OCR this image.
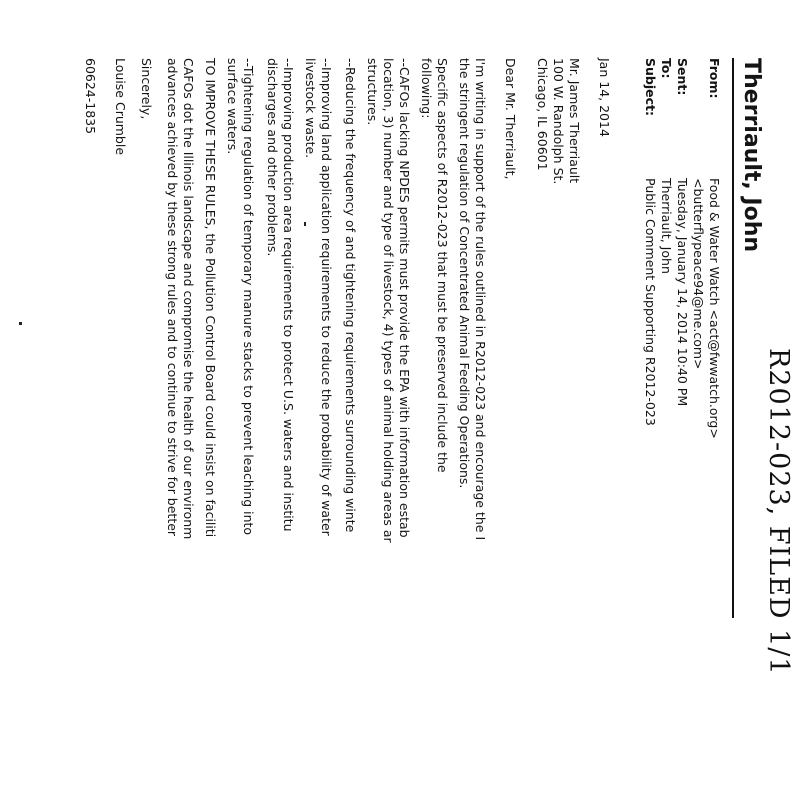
R2012-023, FILED 1/1
Therriault, John
From:
Food & Water Watch <act@fwwatch.org>
<butterflypeace94@me.com>
Sent:
Tuesday, January 14, 2014 10:40 PM
To:
Therriault, John
Subject:
Public Comment Supporting R2012-023
Jan 14, 2014
Mr. James Therriault
100 W. Randolph St.
Chicago, IL 60601
Dear Mr. Therriault,
I'm writing in support of the rules outlined in R2012-023 and encourage the I
the stringent regulation of Concentrated Animal Feeding Operations.
Specific aspects of R2012-023 that must be preserved include the
following:
--CAFOs lacking NPDES permits must provide the EPA with information estab
location, 3) number and type of livestock, 4) types of animal holding areas ar
structures.
--Reducing the frequency of and tightening requirements surrounding winte
--Improving land application requirements to reduce the probability of water
livestock waste.
--Improving production area requirements to protect U.S. waters and institu
discharges and other problems.
--Tightening regulation of temporary manure stacks to prevent leaching into
surface waters.
TO IMPROVE THESE RULES, the Pollution Control Board could insist on faciliti
CAFOs dot the Illinois landscape and compromise the health of our environm
advances achieved by these strong rules and to continue to strive for better
Sincerely,
Louise Crumble
60624-1835
